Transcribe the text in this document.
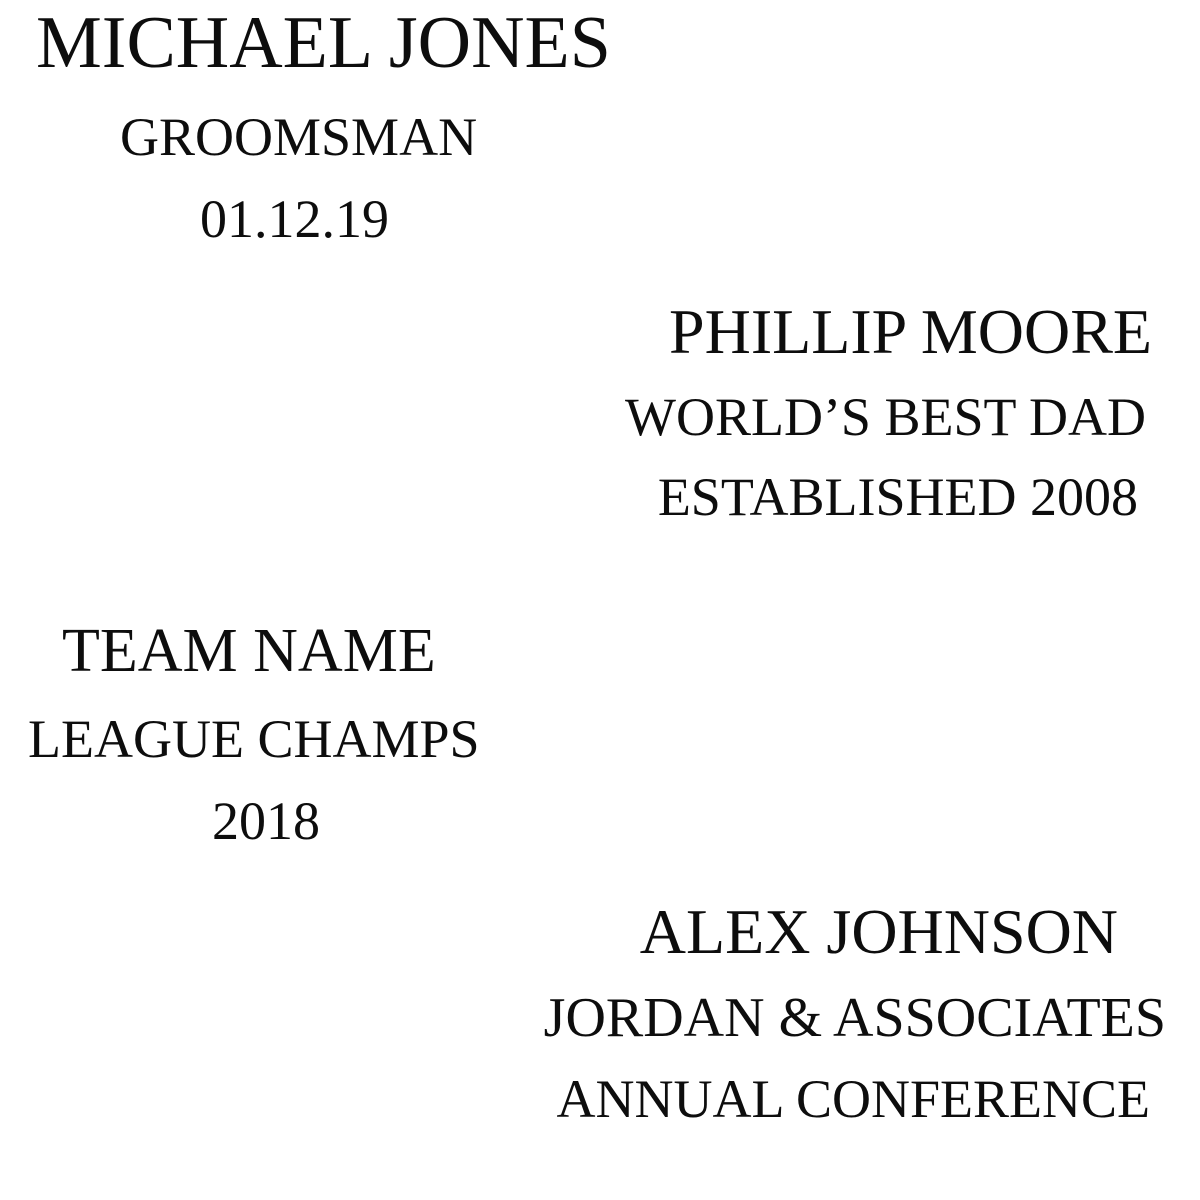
MICHAEL JONES
GROOMSMAN
01.12.19
PHILLIP MOORE
WORLD’S BEST DAD
ESTABLISHED 2008
TEAM NAME
LEAGUE CHAMPS
2018
ALEX JOHNSON
JORDAN & ASSOCIATES
ANNUAL CONFERENCE
